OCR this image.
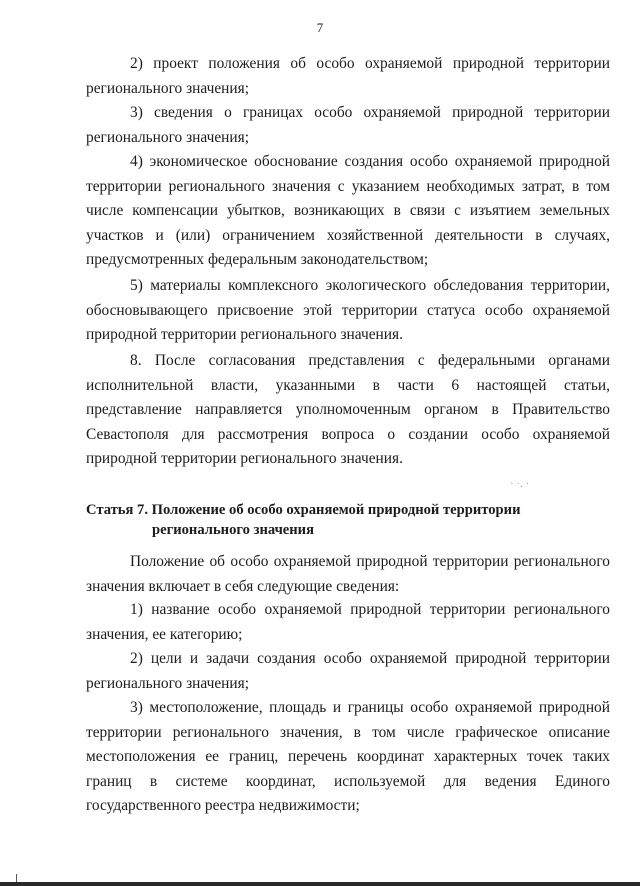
7

2) проект положения об особо охраняемой природной территории регионального значения;

3) сведения о границах особо охраняемой природной территории регионального значения;

4) экономическое обоснование создания особо охраняемой природной территории регионального значения с указанием необходимых затрат, в том числе компенсации убытков, возникающих в связи с изъятием земельных участков и (или) ограничением хозяйственной деятельности в случаях, предусмотренных федеральным законодательством;

5) материалы комплексного экологического обследования территории, обосновывающего присвоение этой территории статуса особо охраняемой природной территории регионального значения.

8. После согласования представления с федеральными органами исполнительной власти, указанными в части 6 настоящей статьи, представление направляется уполномоченным органом в Правительство Севастополя для рассмотрения вопроса о создании особо охраняемой природной территории регионального значения.

· ·. ·
Статья 7. Положение об особо охраняемой природной территории
регионального значения

Положение об особо охраняемой природной территории регионального значения включает в себя следующие сведения:

1) название особо охраняемой природной территории регионального значения, ее категорию;

2) цели и задачи создания особо охраняемой природной территории регионального значения;

3) местоположение, площадь и границы особо охраняемой природной территории регионального значения, в том числе графическое описание местоположения ее границ, перечень координат характерных точек таких границ в системе координат, используемой для ведения Единого государственного реестра недвижимости;
